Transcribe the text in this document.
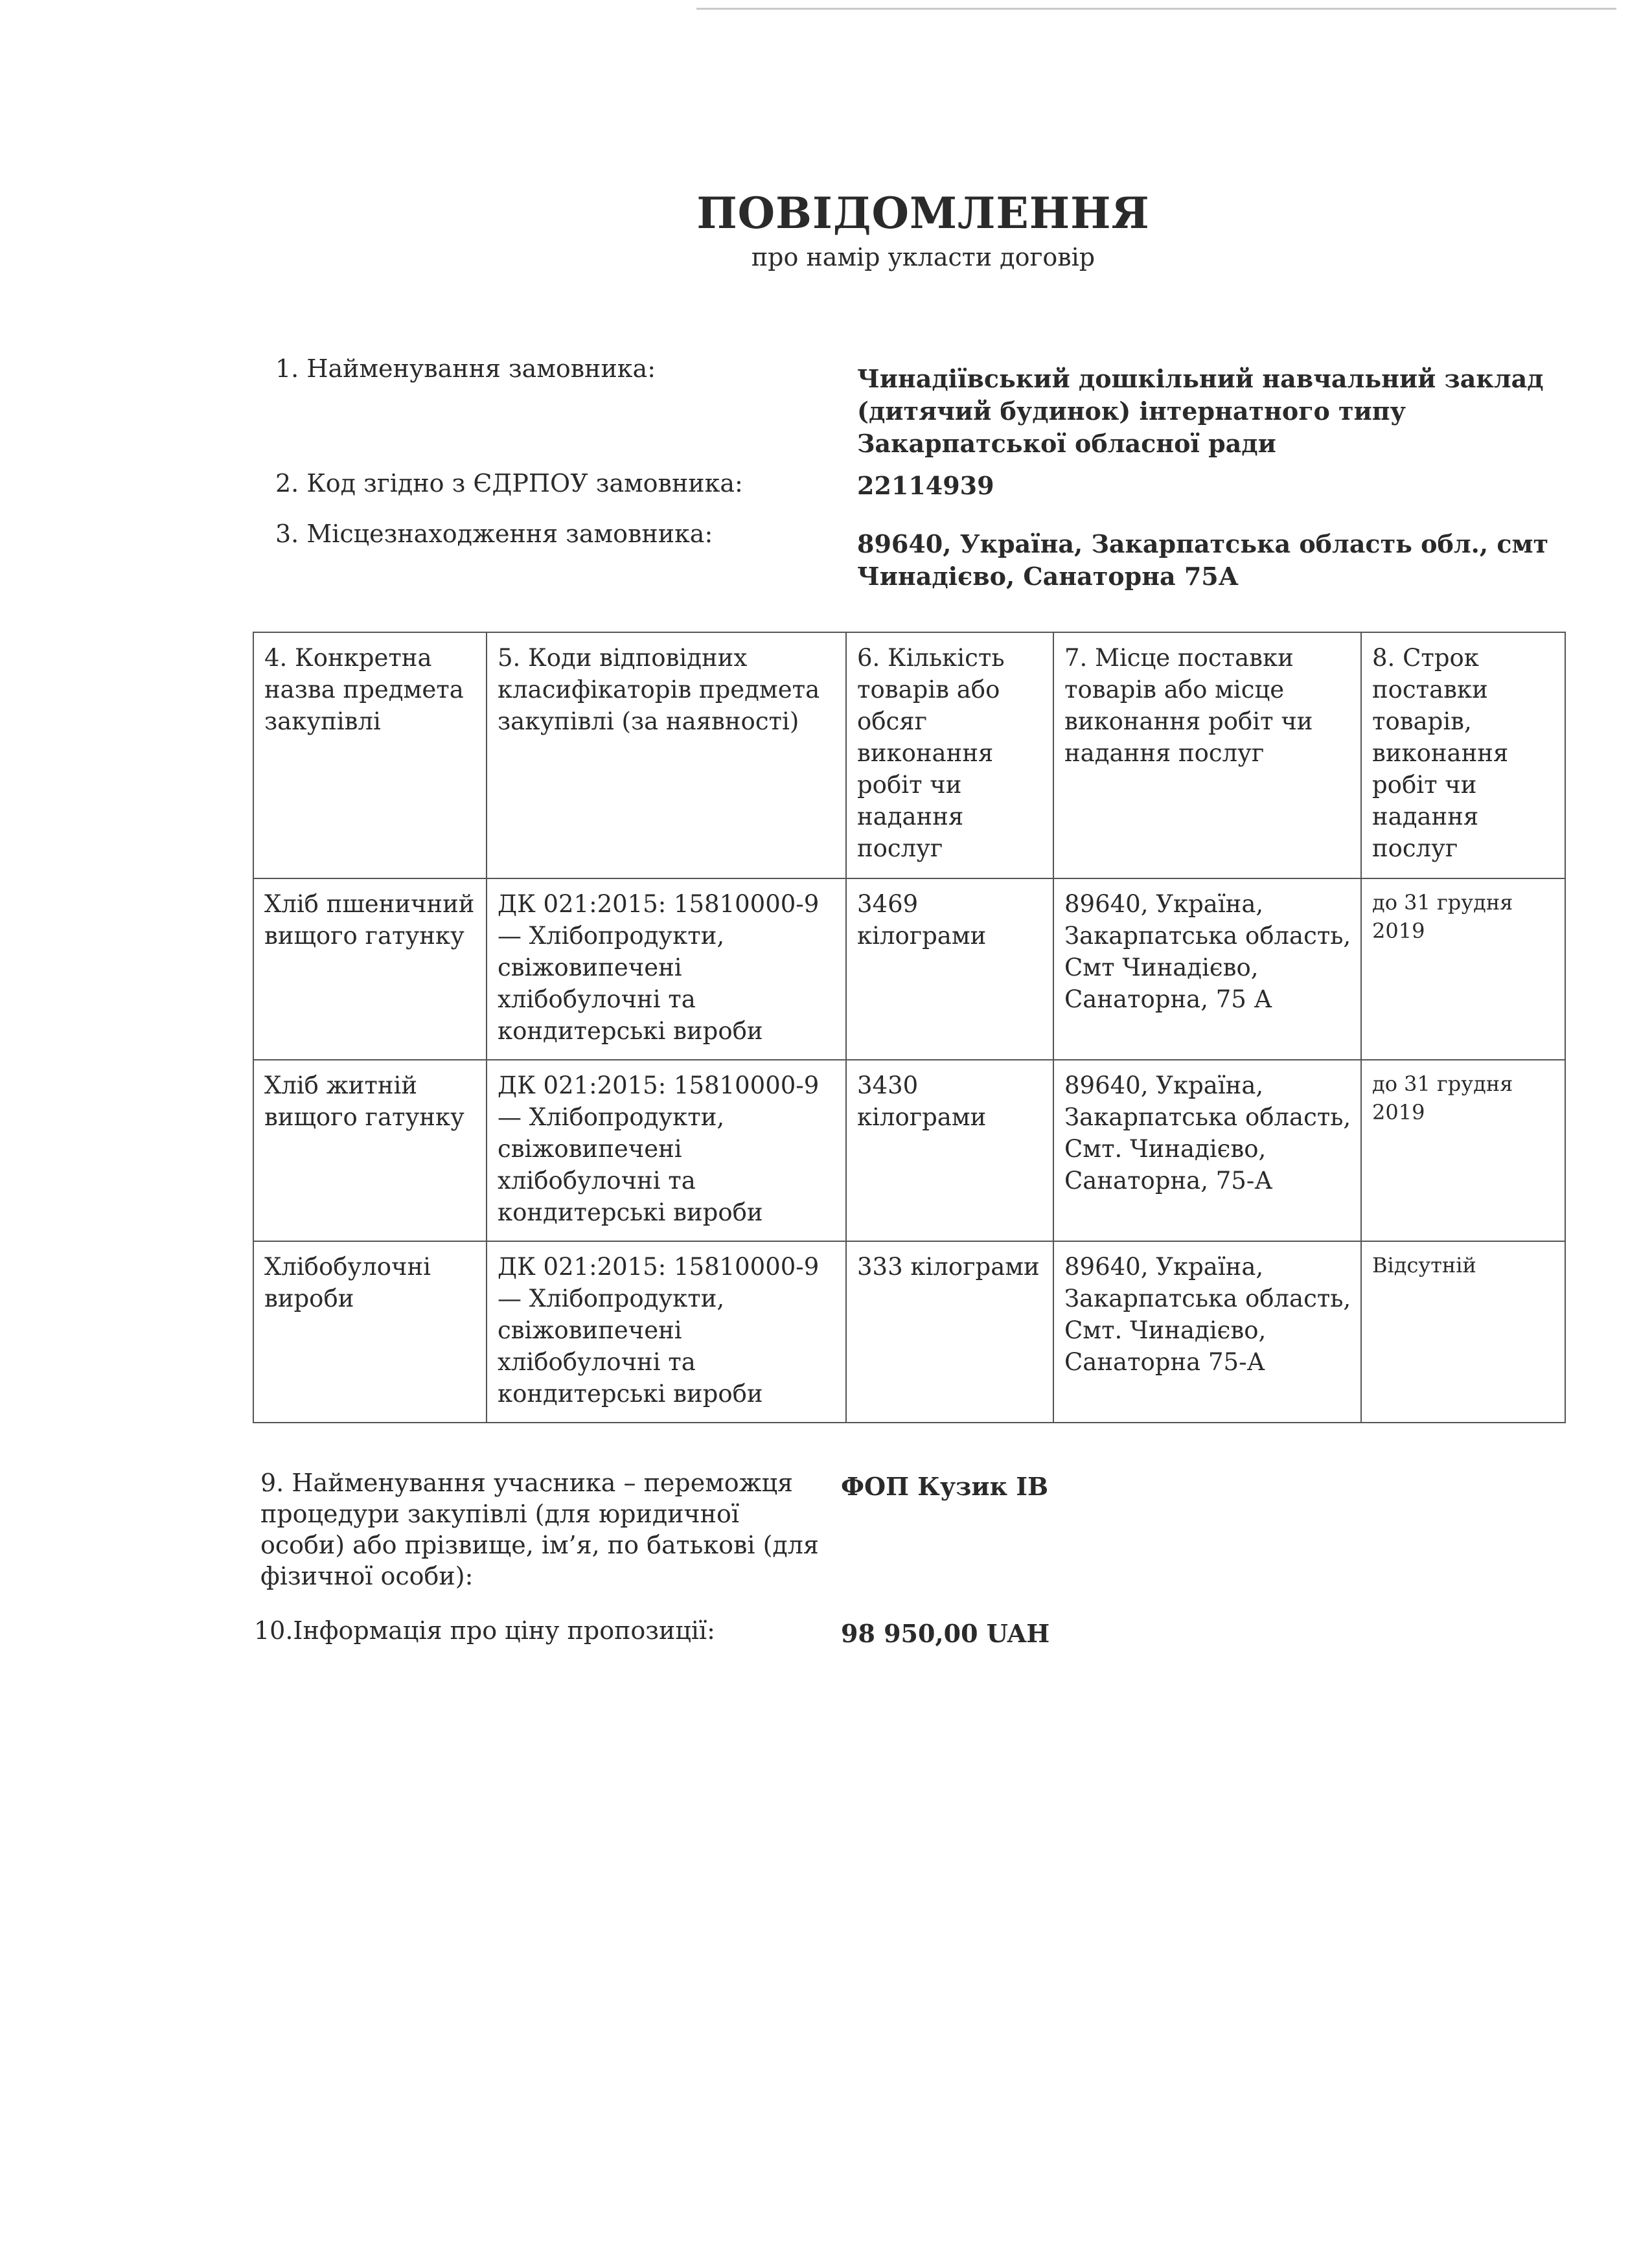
ПОВІДОМЛЕННЯ
про намір укласти договір
1. Найменування замовника:	Чинадіївський дошкільний навчальний заклад (дитячий будинок) інтернатного типу Закарпатської обласної ради
2. Код згідно з ЄДРПОУ замовника:	22114939
3. Місцезнаходження замовника:	89640, Україна, Закарпатська область обл., смт Чинадієво, Санаторна 75А
4. Конкретна назва предмета закупівлі	5. Коди відповідних класифікаторів предмета закупівлі (за наявності)	6. Кількість товарів або обсяг виконання робіт чи надання послуг	7. Місце поставки товарів або місце виконання робіт чи надання послуг	8. Строк поставки товарів, виконання робіт чи надання послуг
Хліб пшеничний вищого гатунку	ДК 021:2015: 15810000-9 — Хлібопродукти, свіжовипечені хлібобулочні та кондитерські вироби	3469 кілограми	89640, Україна, Закарпатська область, Смт Чинадієво, Санаторна, 75 А	до 31 грудня 2019
Хліб житній вищого гатунку	ДК 021:2015: 15810000-9 — Хлібопродукти, свіжовипечені хлібобулочні та кондитерські вироби	3430 кілограми	89640, Україна, Закарпатська область, Смт. Чинадієво, Санаторна, 75-А	до 31 грудня 2019
Хлібобулочні вироби	ДК 021:2015: 15810000-9 — Хлібопродукти, свіжовипечені хлібобулочні та кондитерські вироби	333 кілограми	89640, Україна, Закарпатська область, Смт. Чинадієво, Санаторна 75-А	Відсутній
9. Найменування учасника – переможця процедури закупівлі (для юридичної особи) або прізвище, ім’я, по батькові (для фізичної особи):
ФОП Кузик ІВ
10.Інформація про ціну пропозиції:	98 950,00 UAH
